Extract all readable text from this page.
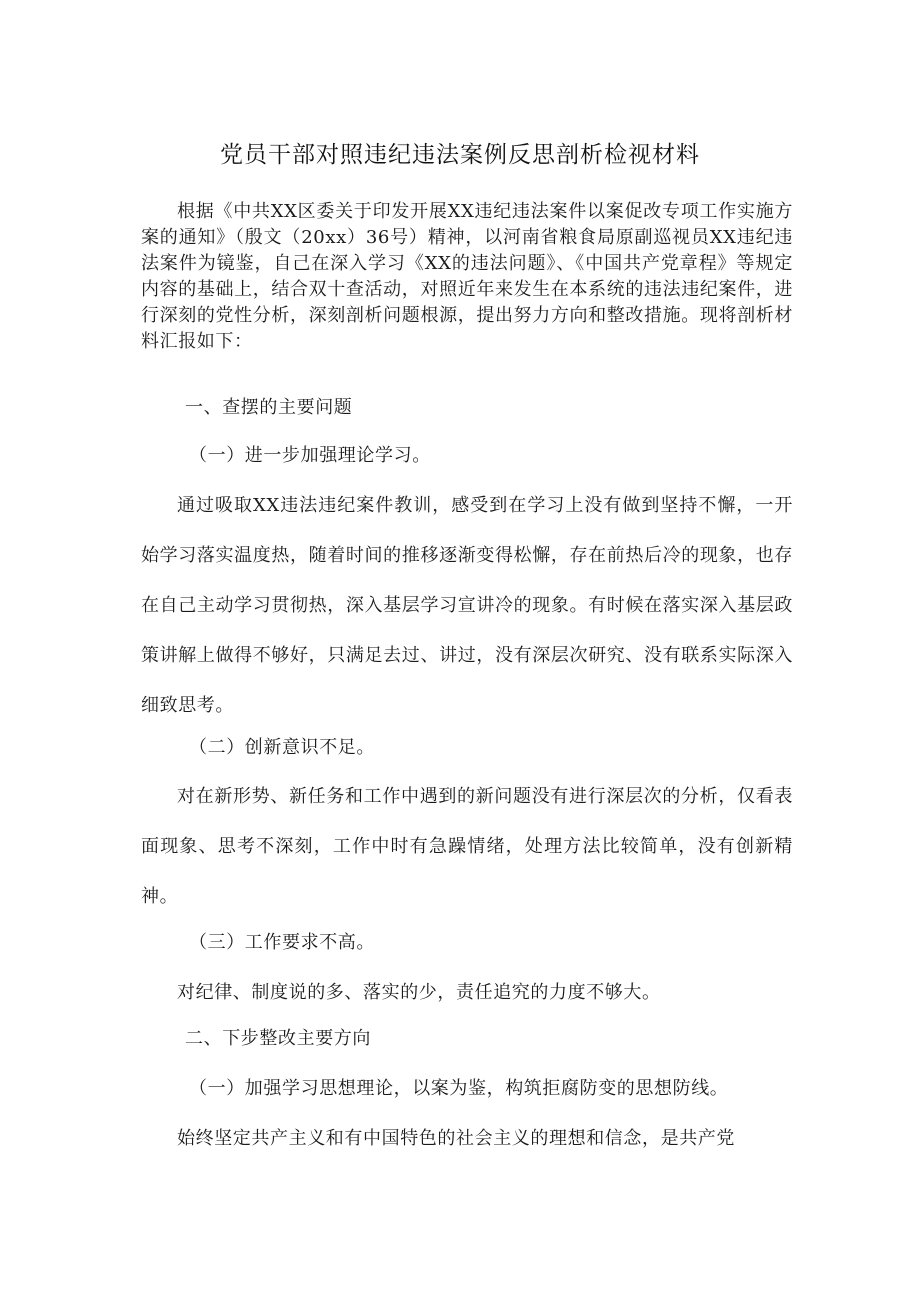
党员干部对照违纪违法案例反思剖析检视材料
根据《中共XX区委关于印发开展XX违纪违法案件以案促改专项工作实施方案的通知》（殷文（20xx）36号）精神，以河南省粮食局原副巡视员XX违纪违法案件为镜鉴，自己在深入学习《XX的违法问题》、《中国共产党章程》等规定内容的基础上，结合双十查活动，对照近年来发生在本系统的违法违纪案件，进行深刻的党性分析，深刻剖析问题根源，提出努力方向和整改措施。现将剖析材料汇报如下：
一、查摆的主要问题
（一）进一步加强理论学习。
通过吸取XX违法违纪案件教训，感受到在学习上没有做到坚持不懈，一开始学习落实温度热，随着时间的推移逐渐变得松懈，存在前热后冷的现象，也存在自己主动学习贯彻热，深入基层学习宣讲冷的现象。有时候在落实深入基层政策讲解上做得不够好，只满足去过、讲过，没有深层次研究、没有联系实际深入细致思考。
（二）创新意识不足。
对在新形势、新任务和工作中遇到的新问题没有进行深层次的分析，仅看表面现象、思考不深刻，工作中时有急躁情绪，处理方法比较简单，没有创新精神。
（三）工作要求不高。
对纪律、制度说的多、落实的少，责任追究的力度不够大。
二、下步整改主要方向
（一）加强学习思想理论，以案为鉴，构筑拒腐防变的思想防线。
始终坚定共产主义和有中国特色的社会主义的理想和信念，是共产党
